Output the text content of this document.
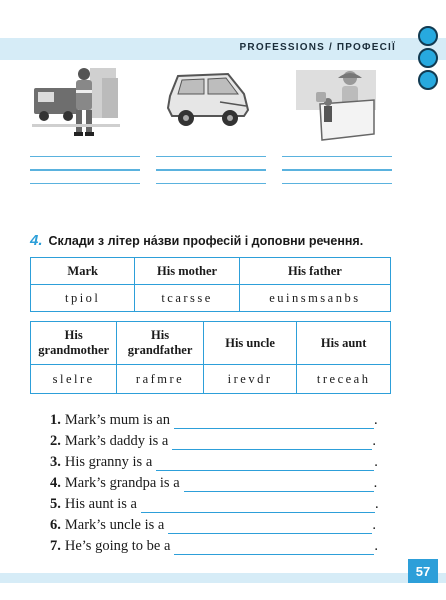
PROFESSIONS / ПРОФЕСІЇ
4. Склади з літер на́зви професій і доповни речення.
Mark	His mother	His father
tpiol	tcarsse	euinsmsanbs
His grandmother	His grandfather	His uncle	His aunt
slelre	rafmre	irevdr	treceah
1. Mark’s mum is an	.
2. Mark’s daddy is a	.
3. His granny is a	.
4. Mark’s grandpa is a	.
5. His aunt is a	.
6. Mark’s uncle is a	.
7. He’s going to be a	.
57
